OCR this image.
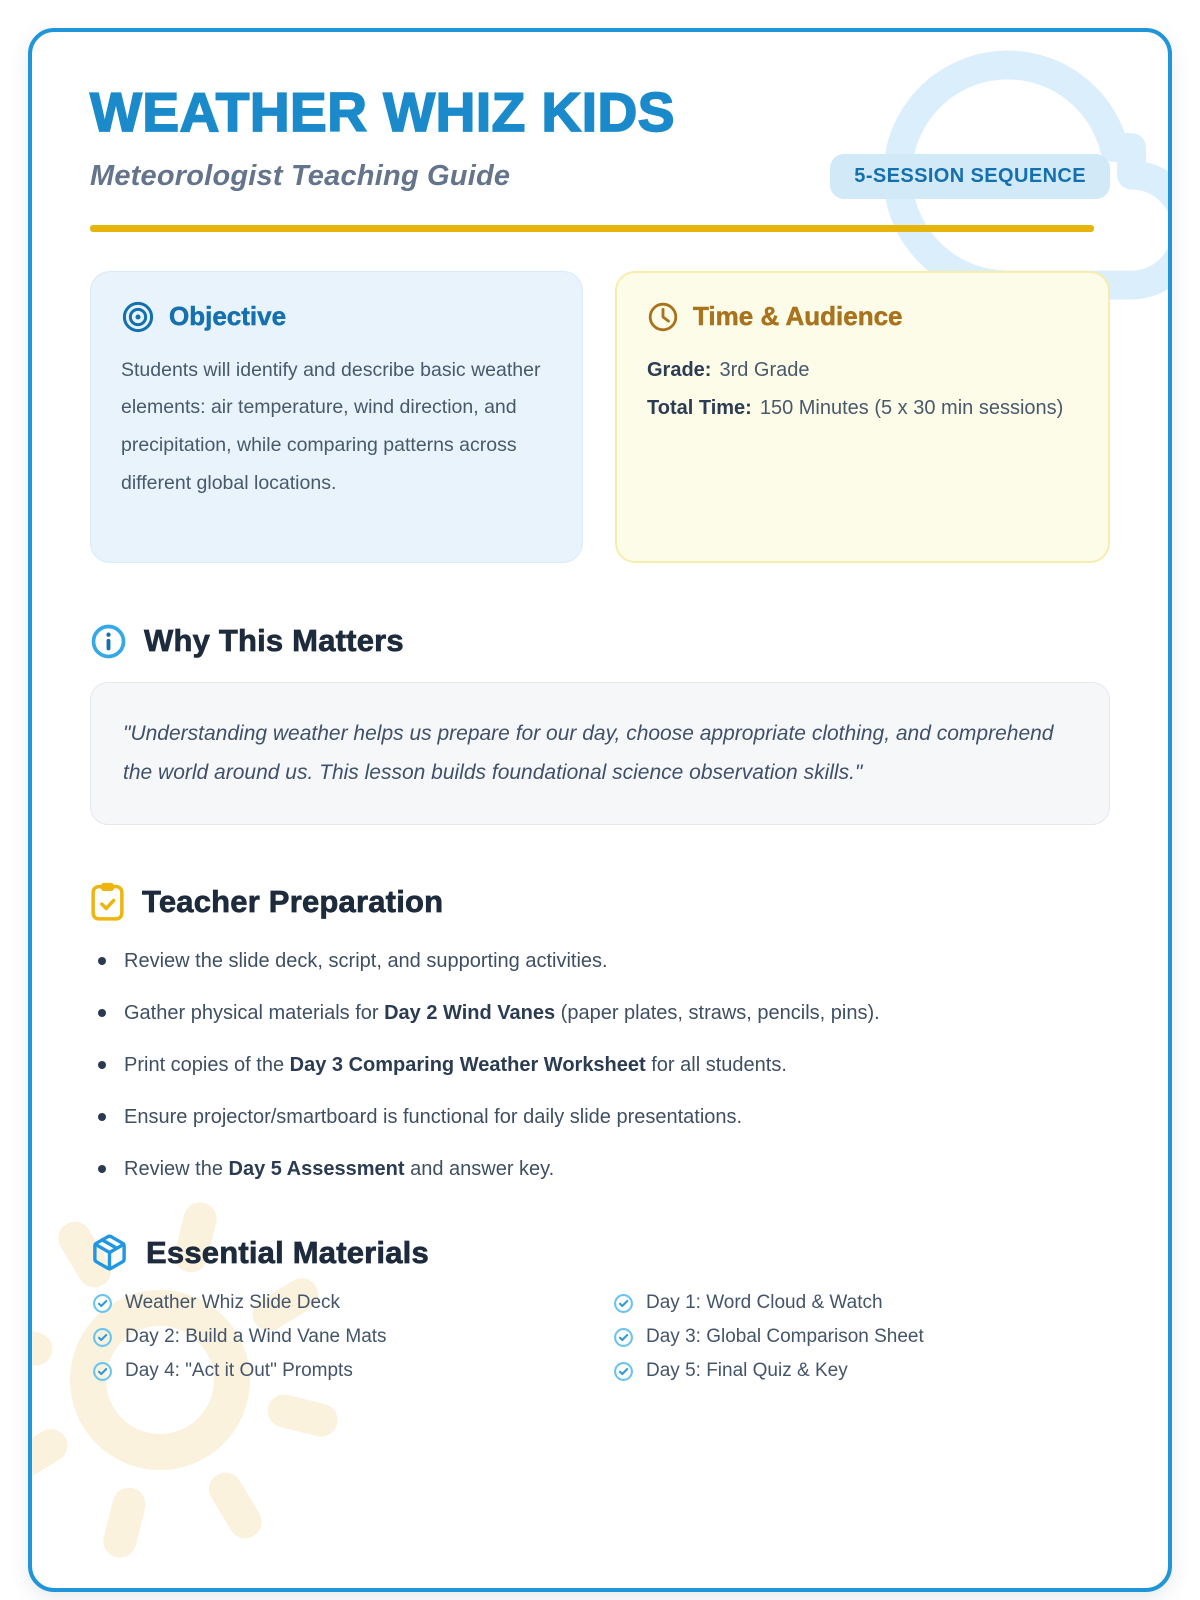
WEATHER WHIZ KIDS
Meteorologist Teaching Guide	5-SESSION SEQUENCE
Objective

Students will identify and describe basic weather elements: air temperature, wind direction, and precipitation, while comparing patterns across different global locations.

Time & Audience

Grade: 3rd Grade

Total Time: 150 Minutes (5 x 30 min sessions)

Why This Matters

"Understanding weather helps us prepare for our day, choose appropriate clothing, and comprehend the world around us. This lesson builds foundational science observation skills."

Teacher Preparation
Review the slide deck, script, and supporting activities.
Gather physical materials for Day 2 Wind Vanes (paper plates, straws, pencils, pins).
Print copies of the Day 3 Comparing Weather Worksheet for all students.
Ensure projector/smartboard is functional for daily slide presentations.
Review the Day 5 Assessment and answer key.
Essential Materials
Weather Whiz Slide Deck	Day 1: Word Cloud & Watch
Day 2: Build a Wind Vane Mats	Day 3: Global Comparison Sheet
Day 4: "Act it Out" Prompts	Day 5: Final Quiz & Key
